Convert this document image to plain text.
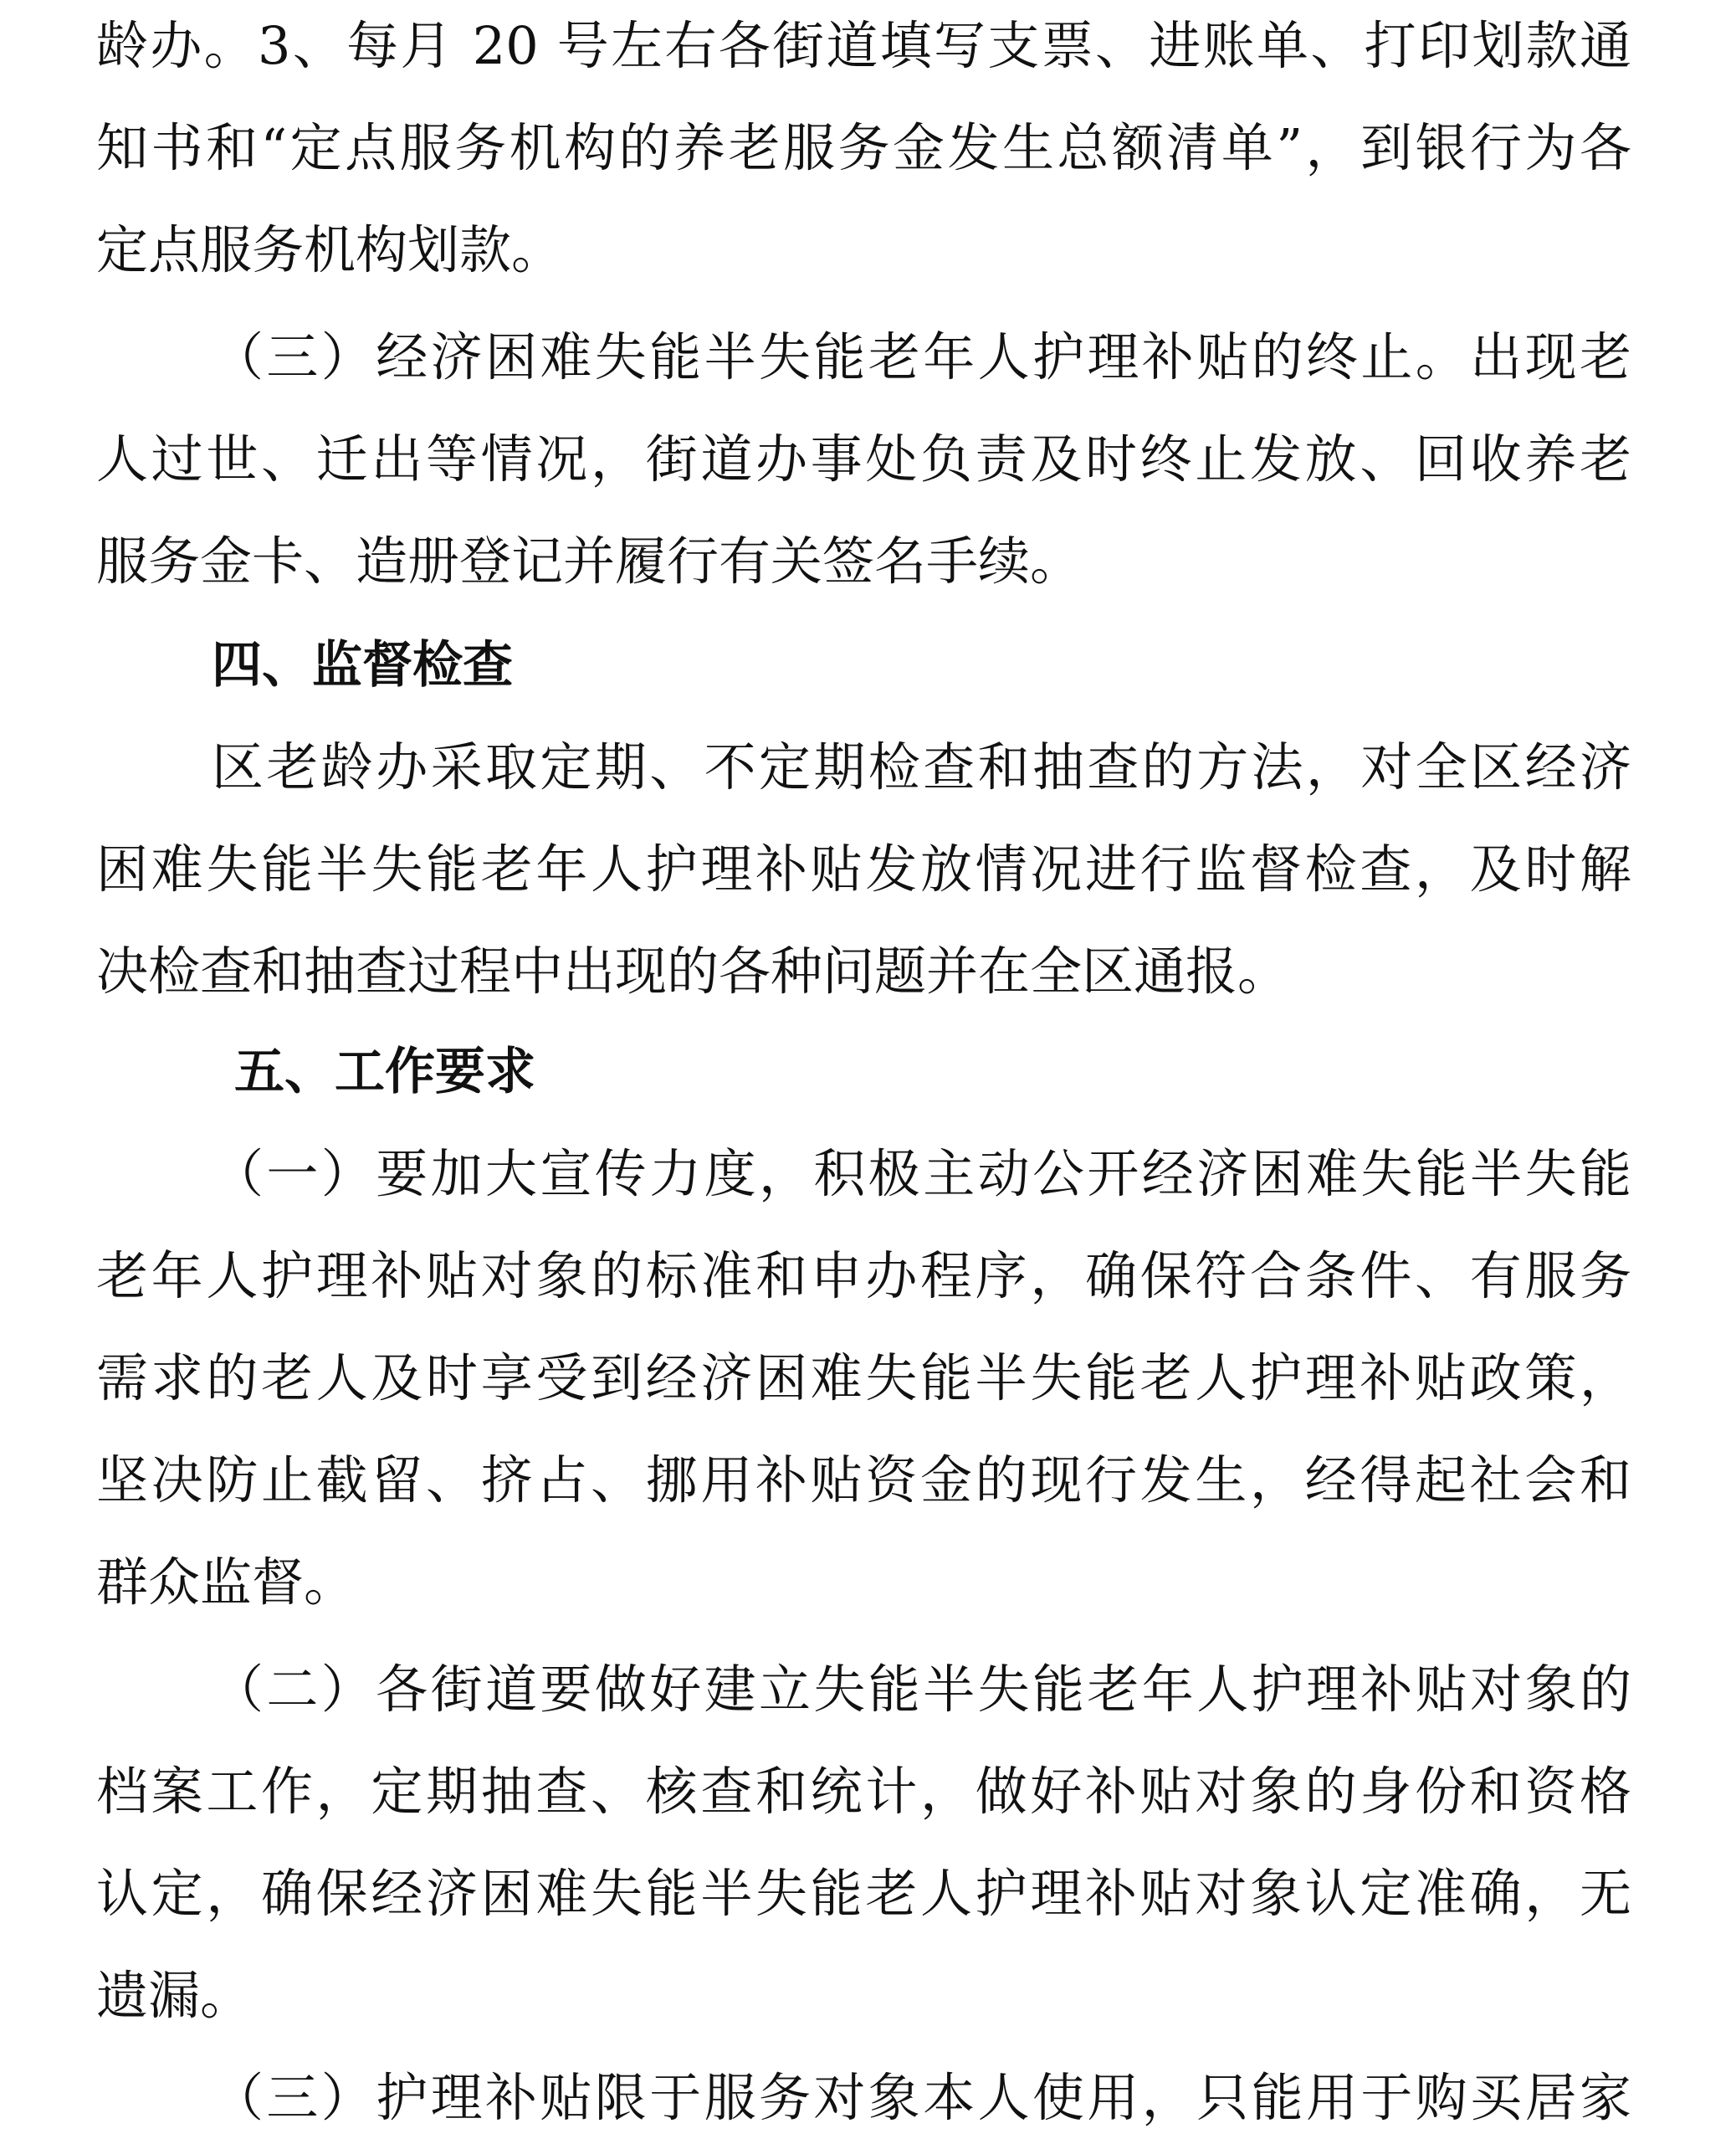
龄办。3、每月 20 号左右各街道填写支票、进账单、打印划款通
知书和“定点服务机构的养老服务金发生总额清单”，到银行为各
定点服务机构划款。
（三）经济困难失能半失能老年人护理补贴的终止。出现老
人过世、迁出等情况，街道办事处负责及时终止发放、回收养老
服务金卡、造册登记并履行有关签名手续。
四、监督检查
区老龄办采取定期、不定期检查和抽查的方法，对全区经济
困难失能半失能老年人护理补贴发放情况进行监督检查，及时解
决检查和抽查过程中出现的各种问题并在全区通报。
五、工作要求
（一）要加大宣传力度，积极主动公开经济困难失能半失能
老年人护理补贴对象的标准和申办程序，确保符合条件、有服务
需求的老人及时享受到经济困难失能半失能老人护理补贴政策，
坚决防止截留、挤占、挪用补贴资金的现行发生，经得起社会和
群众监督。
（二）各街道要做好建立失能半失能老年人护理补贴对象的
档案工作，定期抽查、核查和统计，做好补贴对象的身份和资格
认定，确保经济困难失能半失能老人护理补贴对象认定准确，无
遗漏。
（三）护理补贴限于服务对象本人使用，只能用于购买居家
